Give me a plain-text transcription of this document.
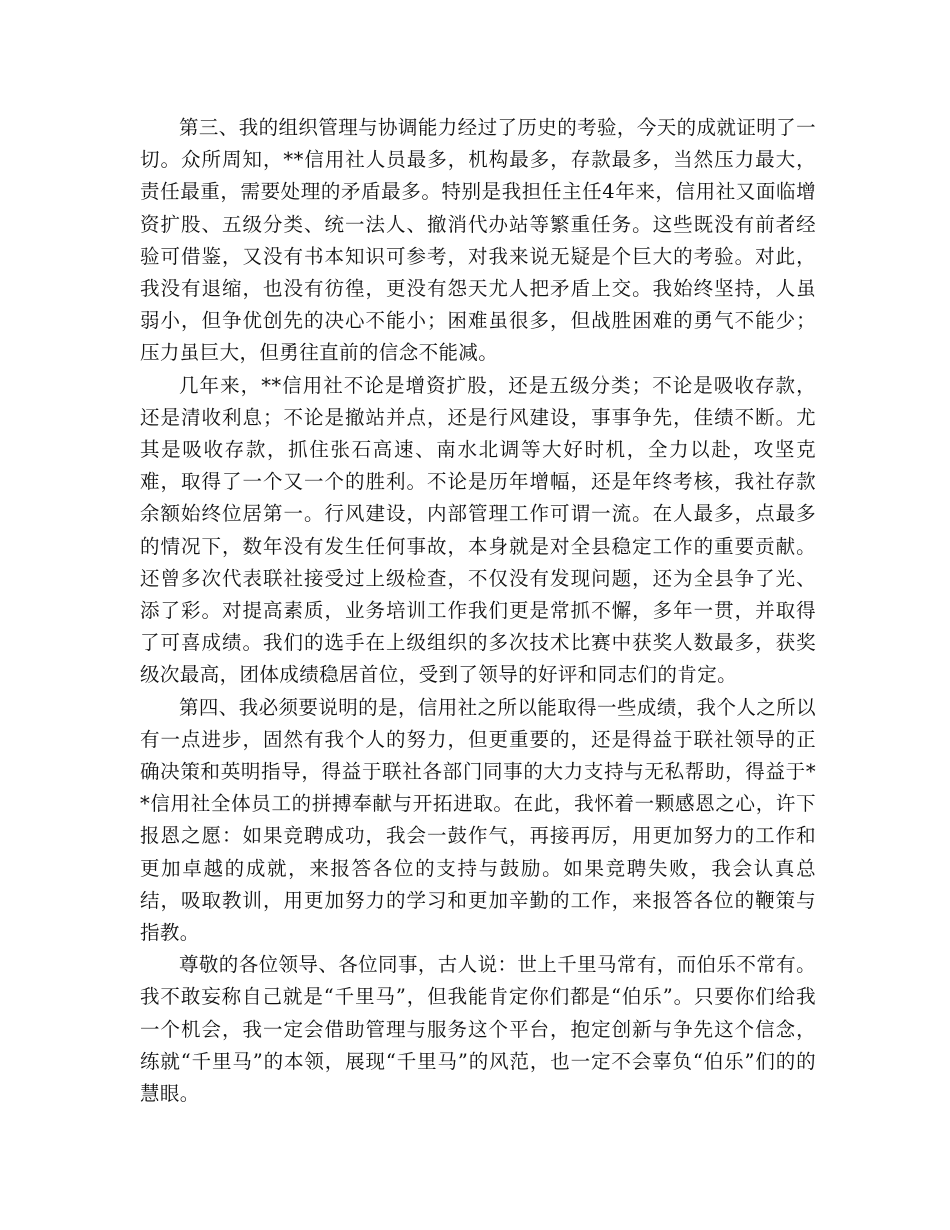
第三、我的组织管理与协调能力经过了历史的考验，今天的成就证明了一切。众所周知，**信用社人员最多，机构最多，存款最多，当然压力最大，责任最重，需要处理的矛盾最多。特别是我担任主任4年来，信用社又面临增资扩股、五级分类、统一法人、撤消代办站等繁重任务。这些既没有前者经验可借鉴，又没有书本知识可参考，对我来说无疑是个巨大的考验。对此，我没有退缩，也没有彷徨，更没有怨天尤人把矛盾上交。我始终坚持，人虽弱小，但争优创先的决心不能小；困难虽很多，但战胜困难的勇气不能少；压力虽巨大，但勇往直前的信念不能减。

几年来，**信用社不论是增资扩股，还是五级分类；不论是吸收存款，还是清收利息；不论是撤站并点，还是行风建设，事事争先，佳绩不断。尤其是吸收存款，抓住张石高速、南水北调等大好时机，全力以赴，攻坚克难，取得了一个又一个的胜利。不论是历年增幅，还是年终考核，我社存款余额始终位居第一。行风建设，内部管理工作可谓一流。在人最多，点最多的情况下，数年没有发生任何事故，本身就是对全县稳定工作的重要贡献。还曾多次代表联社接受过上级检查，不仅没有发现问题，还为全县争了光、添了彩。对提高素质，业务培训工作我们更是常抓不懈，多年一贯，并取得了可喜成绩。我们的选手在上级组织的多次技术比赛中获奖人数最多，获奖级次最高，团体成绩稳居首位，受到了领导的好评和同志们的肯定。

第四、我必须要说明的是，信用社之所以能取得一些成绩，我个人之所以有一点进步，固然有我个人的努力，但更重要的，还是得益于联社领导的正确决策和英明指导，得益于联社各部门同事的大力支持与无私帮助，得益于**信用社全体员工的拼搏奉献与开拓进取。在此，我怀着一颗感恩之心，许下报恩之愿：如果竞聘成功，我会一鼓作气，再接再厉，用更加努力的工作和更加卓越的成就，来报答各位的支持与鼓励。如果竞聘失败，我会认真总结，吸取教训，用更加努力的学习和更加辛勤的工作，来报答各位的鞭策与指教。

尊敬的各位领导、各位同事，古人说：世上千里马常有，而伯乐不常有。我不敢妄称自己就是“千里马”，但我能肯定你们都是“伯乐”。只要你们给我一个机会，我一定会借助管理与服务这个平台，抱定创新与争先这个信念，练就“千里马”的本领，展现“千里马”的风范，也一定不会辜负“伯乐”们的的慧眼。
